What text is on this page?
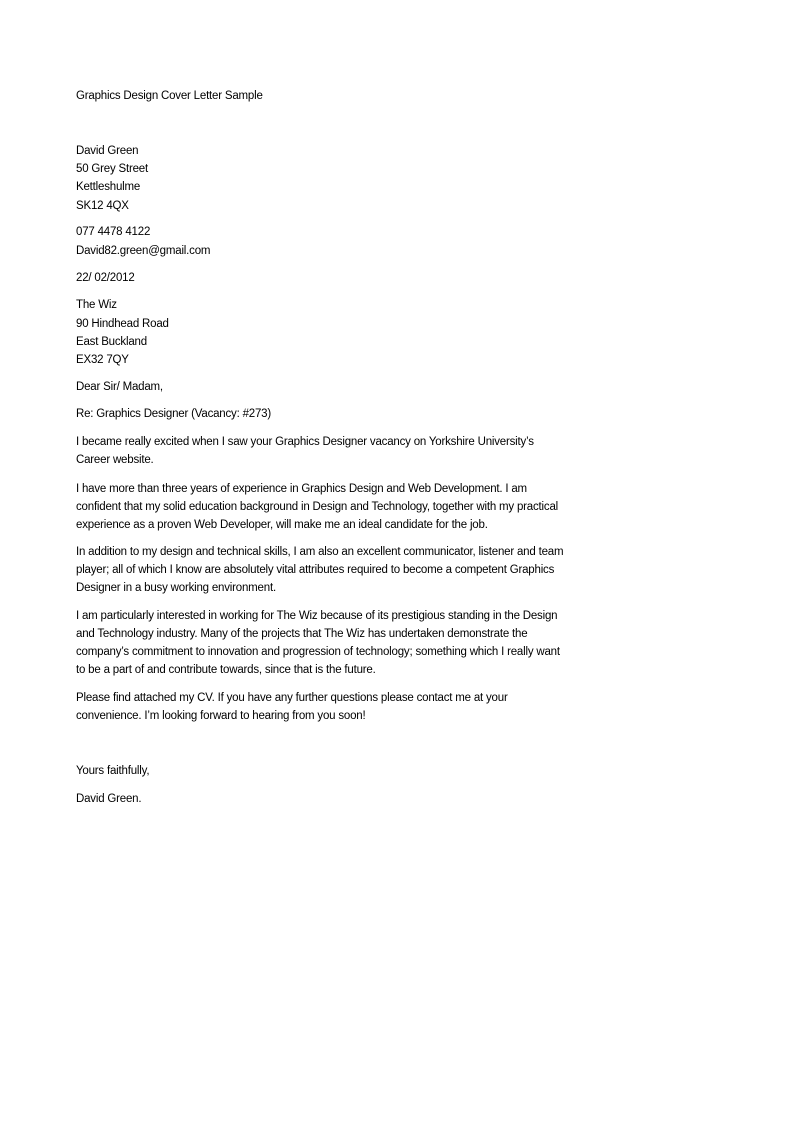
Graphics Design Cover Letter Sample
David Green
50 Grey Street
Kettleshulme
SK12 4QX
077 4478 4122
David82.green@gmail.com
22/ 02/2012
The Wiz
90 Hindhead Road
East Buckland
EX32 7QY
Dear Sir/ Madam,
Re: Graphics Designer (Vacancy: #273)
I became really excited when I saw your Graphics Designer vacancy on Yorkshire University’s
Career website.
I have more than three years of experience in Graphics Design and Web Development. I am
confident that my solid education background in Design and Technology, together with my practical
experience as a proven Web Developer, will make me an ideal candidate for the job.
In addition to my design and technical skills, I am also an excellent communicator, listener and team
player; all of which I know are absolutely vital attributes required to become a competent Graphics
Designer in a busy working environment.
I am particularly interested in working for The Wiz because of its prestigious standing in the Design
and Technology industry. Many of the projects that The Wiz has undertaken demonstrate the
company’s commitment to innovation and progression of technology; something which I really want
to be a part of and contribute towards, since that is the future.
Please find attached my CV. If you have any further questions please contact me at your
convenience. I’m looking forward to hearing from you soon!
Yours faithfully,
David Green.
